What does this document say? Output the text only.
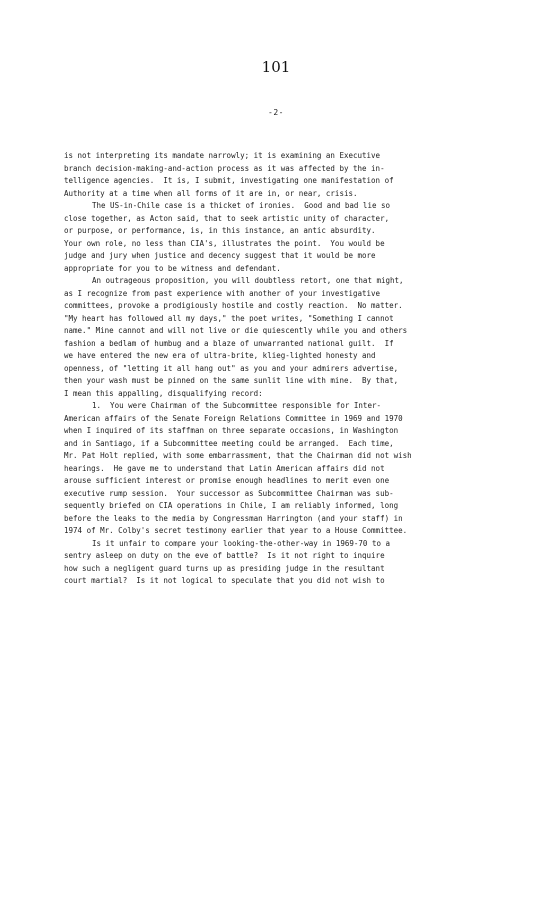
101
-2-
is not interpreting its mandate narrowly; it is examining an Executive
branch decision-making-and-action process as it was affected by the in-
telligence agencies.  It is, I submit, investigating one manifestation of
Authority at a time when all forms of it are in, or near, crisis.
The US-in-Chile case is a thicket of ironies.  Good and bad lie so
close together, as Acton said, that to seek artistic unity of character,
or purpose, or performance, is, in this instance, an antic absurdity.
Your own role, no less than CIA's, illustrates the point.  You would be
judge and jury when justice and decency suggest that it would be more
appropriate for you to be witness and defendant.
An outrageous proposition, you will doubtless retort, one that might,
as I recognize from past experience with another of your investigative
committees, provoke a prodigiously hostile and costly reaction.  No matter.
"My heart has followed all my days," the poet writes, "Something I cannot
name." Mine cannot and will not live or die quiescently while you and others
fashion a bedlam of humbug and a blaze of unwarranted national guilt.  If
we have entered the new era of ultra-brite, klieg-lighted honesty and
openness, of "letting it all hang out" as you and your admirers advertise,
then your wash must be pinned on the same sunlit line with mine.  By that,
I mean this appalling, disqualifying record:
1.  You were Chairman of the Subcommittee responsible for Inter-
American affairs of the Senate Foreign Relations Committee in 1969 and 1970
when I inquired of its staffman on three separate occasions, in Washington
and in Santiago, if a Subcommittee meeting could be arranged.  Each time,
Mr. Pat Holt replied, with some embarrassment, that the Chairman did not wish
hearings.  He gave me to understand that Latin American affairs did not
arouse sufficient interest or promise enough headlines to merit even one
executive rump session.  Your successor as Subcommittee Chairman was sub-
sequently briefed on CIA operations in Chile, I am reliably informed, long
before the leaks to the media by Congressman Harrington (and your staff) in
1974 of Mr. Colby's secret testimony earlier that year to a House Committee.
Is it unfair to compare your looking-the-other-way in 1969-70 to a
sentry asleep on duty on the eve of battle?  Is it not right to inquire
how such a negligent guard turns up as presiding judge in the resultant
court martial?  Is it not logical to speculate that you did not wish to
